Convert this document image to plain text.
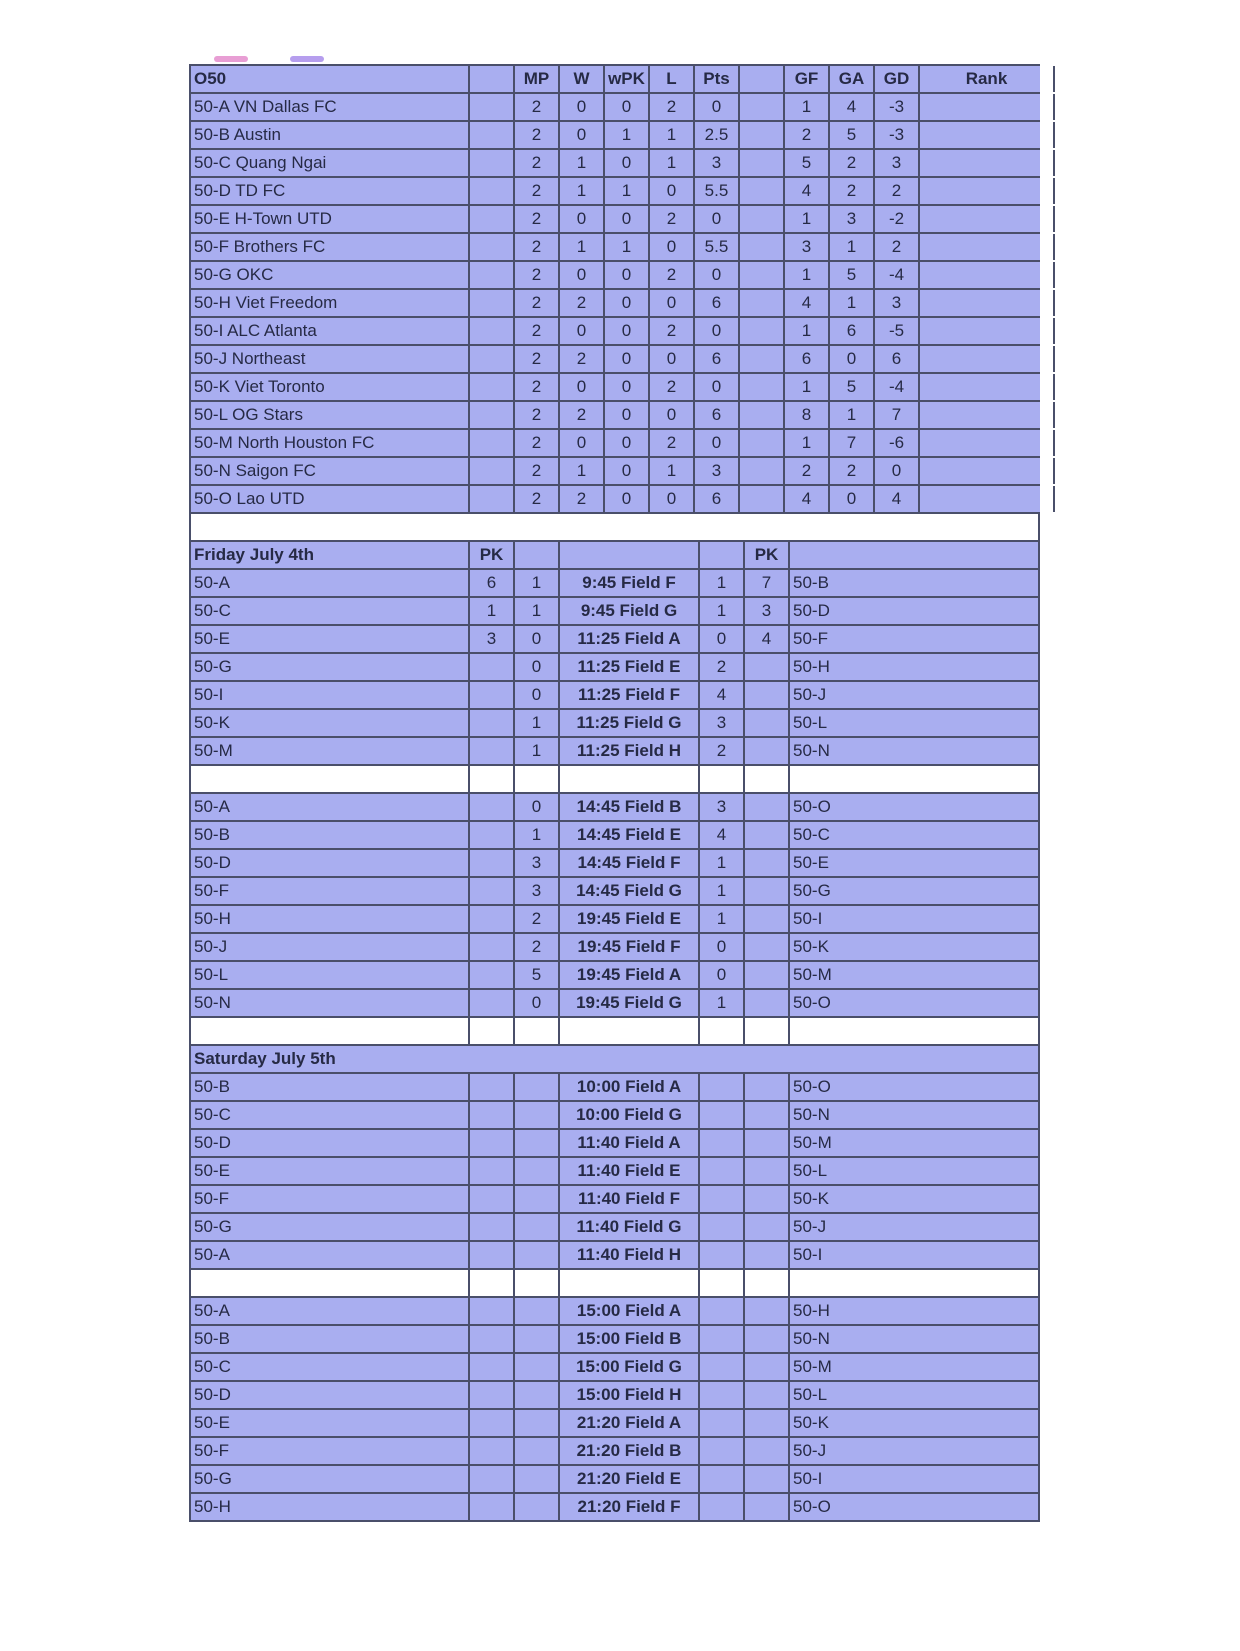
O50	MP	W	wPK	L	Pts	GF	GA	GD	Rank
50-A VN Dallas FC	2	0	0	2	0	1	4	-3
50-B Austin	2	0	1	1	2.5	2	5	-3
50-C Quang Ngai	2	1	0	1	3	5	2	3
50-D TD FC	2	1	1	0	5.5	4	2	2
50-E H-Town UTD	2	0	0	2	0	1	3	-2
50-F Brothers FC	2	1	1	0	5.5	3	1	2
50-G OKC	2	0	0	2	0	1	5	-4
50-H Viet Freedom	2	2	0	0	6	4	1	3
50-I ALC Atlanta	2	0	0	2	0	1	6	-5
50-J Northeast	2	2	0	0	6	6	0	6
50-K Viet Toronto	2	0	0	2	0	1	5	-4
50-L OG Stars	2	2	0	0	6	8	1	7
50-M North Houston FC	2	0	0	2	0	1	7	-6
50-N Saigon FC	2	1	0	1	3	2	2	0
50-O Lao UTD	2	2	0	0	6	4	0	4
Friday July 4th	PK	PK
50-A	6	1	9:45 Field F	1	7	50-B
50-C	1	1	9:45 Field G	1	3	50-D
50-E	3	0	11:25 Field A	0	4	50-F
50-G	0	11:25 Field E	2	50-H
50-I	0	11:25 Field F	4	50-J
50-K	1	11:25 Field G	3	50-L
50-M	1	11:25 Field H	2	50-N
50-A	0	14:45 Field B	3	50-O
50-B	1	14:45 Field E	4	50-C
50-D	3	14:45 Field F	1	50-E
50-F	3	14:45 Field G	1	50-G
50-H	2	19:45 Field E	1	50-I
50-J	2	19:45 Field F	0	50-K
50-L	5	19:45 Field A	0	50-M
50-N	0	19:45 Field G	1	50-O
Saturday July 5th
50-B	10:00 Field A	50-O
50-C	10:00 Field G	50-N
50-D	11:40 Field A	50-M
50-E	11:40 Field E	50-L
50-F	11:40 Field F	50-K
50-G	11:40 Field G	50-J
50-A	11:40 Field H	50-I
50-A	15:00 Field A	50-H
50-B	15:00 Field B	50-N
50-C	15:00 Field G	50-M
50-D	15:00 Field H	50-L
50-E	21:20 Field A	50-K
50-F	21:20 Field B	50-J
50-G	21:20 Field E	50-I
50-H	21:20 Field F	50-O
